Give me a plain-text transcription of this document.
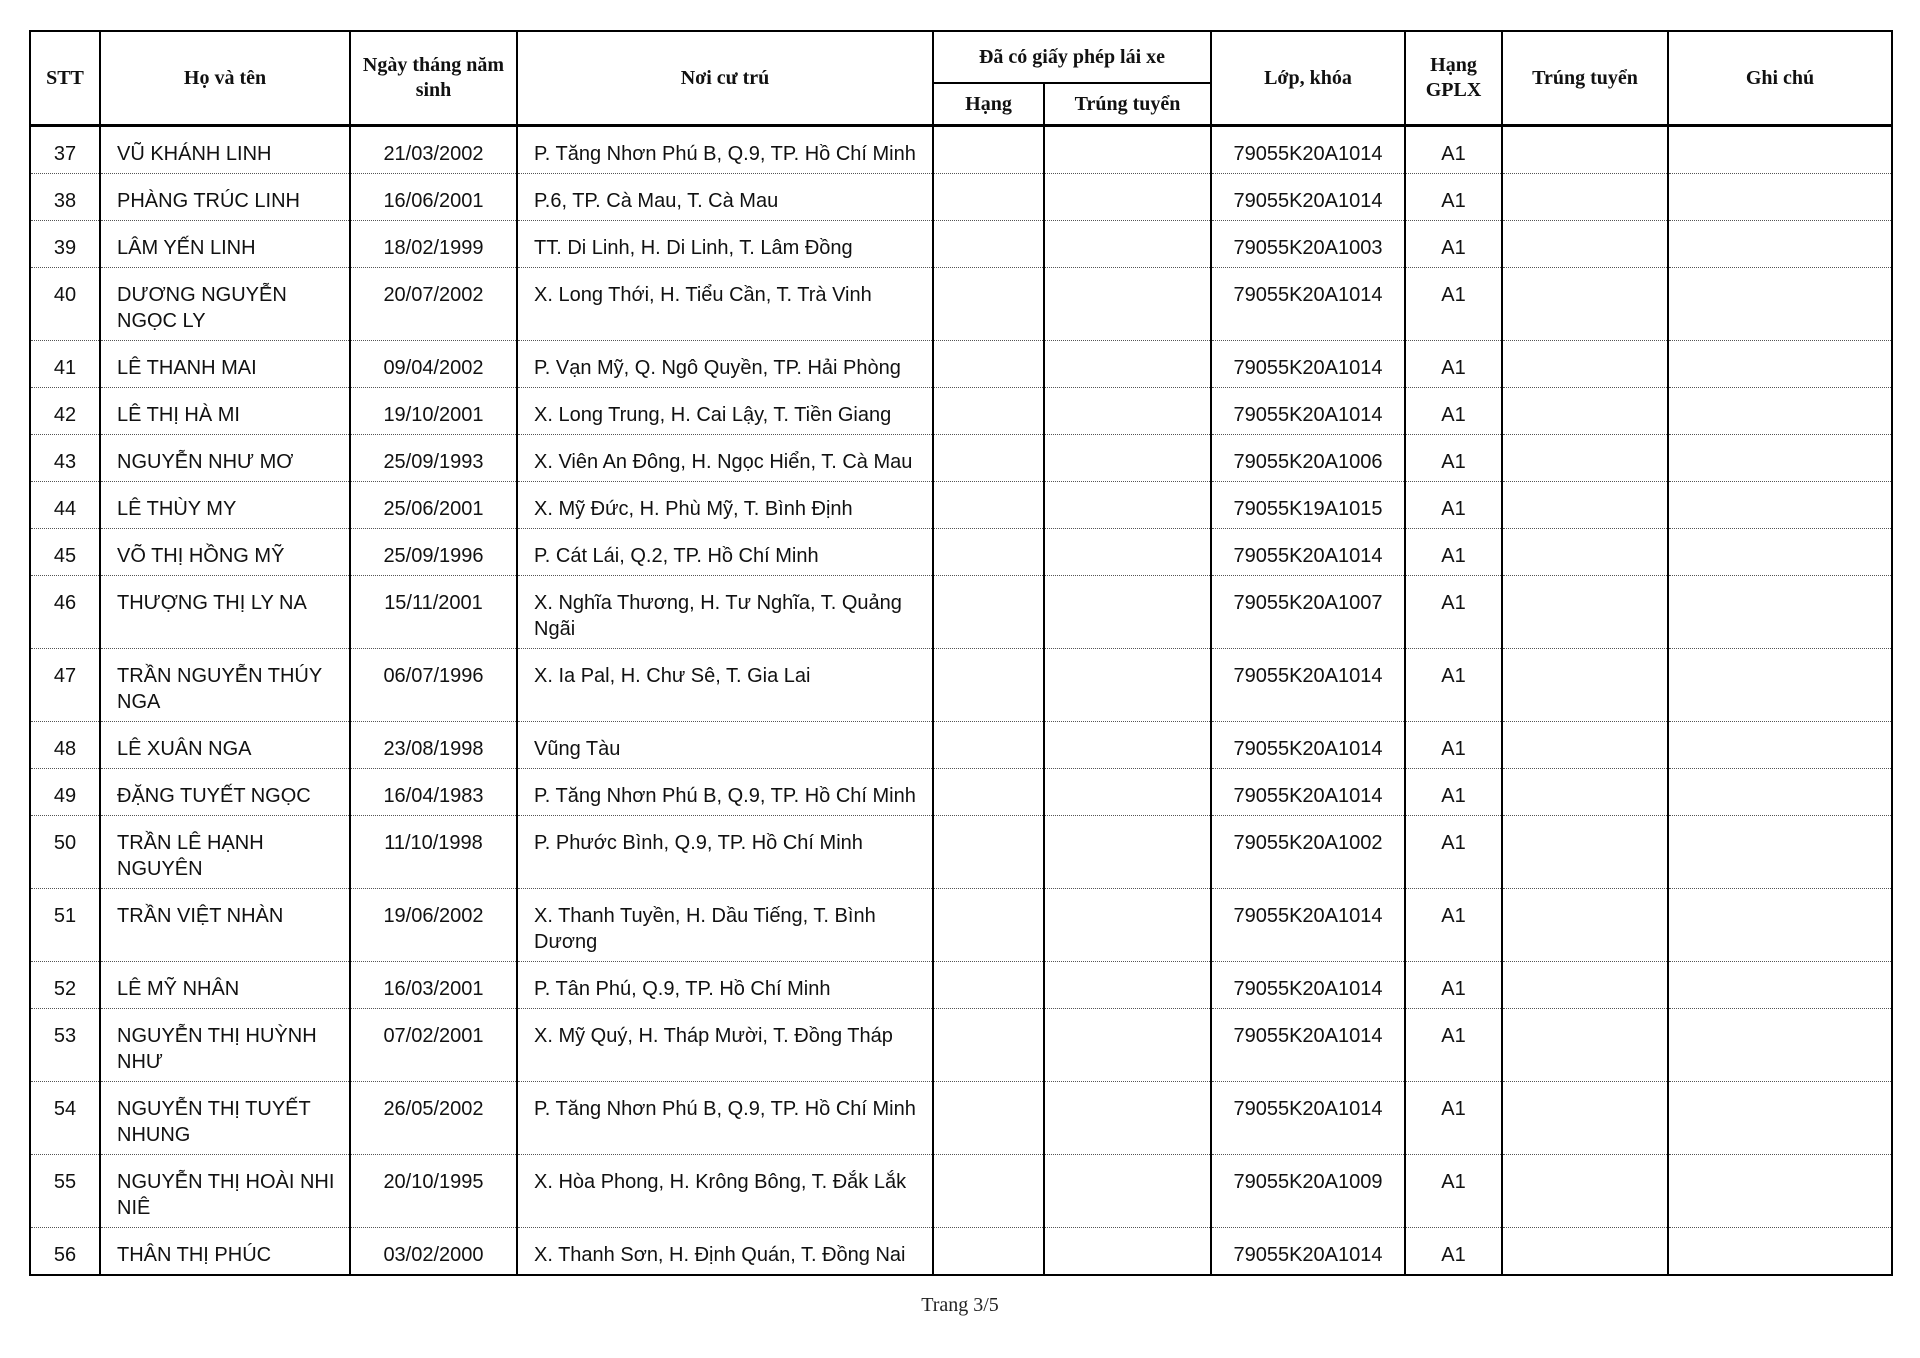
STT	Họ và tên	Ngày tháng năm sinh	Nơi cư trú	Đã có giấy phép lái xe		Lớp, khóa	Hạng GPLX	Trúng tuyển	Ghi chú
				Hạng	Trúng tuyển				
37	VŨ KHÁNH LINH	21/03/2002	P. Tăng Nhơn Phú B, Q.9, TP. Hồ Chí Minh			79055K20A1014	A1		
38	PHÀNG TRÚC LINH	16/06/2001	P.6, TP. Cà Mau, T. Cà Mau			79055K20A1014	A1		
39	LÂM YẾN LINH	18/02/1999	TT. Di Linh, H. Di Linh, T. Lâm Đồng			79055K20A1003	A1		
40	DƯƠNG NGUYỄN NGỌC LY	20/07/2002	X. Long Thới, H. Tiểu Cần, T. Trà Vinh			79055K20A1014	A1		
41	LÊ THANH MAI	09/04/2002	P. Vạn Mỹ, Q. Ngô Quyền, TP. Hải Phòng			79055K20A1014	A1		
42	LÊ THỊ HÀ MI	19/10/2001	X. Long Trung, H. Cai Lậy, T. Tiền Giang			79055K20A1014	A1		
43	NGUYỄN NHƯ MƠ	25/09/1993	X. Viên An Đông, H. Ngọc Hiển, T. Cà Mau			79055K20A1006	A1		
44	LÊ THÙY MY	25/06/2001	X. Mỹ Đức, H. Phù Mỹ, T. Bình Định			79055K19A1015	A1		
45	VÕ THỊ HỒNG MỸ	25/09/1996	P. Cát Lái, Q.2, TP. Hồ Chí Minh			79055K20A1014	A1		
46	THƯỢNG THỊ LY NA	15/11/2001	X. Nghĩa Thương, H. Tư Nghĩa, T. Quảng Ngãi			79055K20A1007	A1		
47	TRẦN NGUYỄN THÚY NGA	06/07/1996	X. Ia Pal, H. Chư Sê, T. Gia Lai			79055K20A1014	A1		
48	LÊ XUÂN NGA	23/08/1998	Vũng Tàu			79055K20A1014	A1		
49	ĐẶNG TUYẾT NGỌC	16/04/1983	P. Tăng Nhơn Phú B, Q.9, TP. Hồ Chí Minh			79055K20A1014	A1		
50	TRẦN LÊ HẠNH NGUYÊN	11/10/1998	P. Phước Bình, Q.9, TP. Hồ Chí Minh			79055K20A1002	A1		
51	TRẦN VIỆT NHÀN	19/06/2002	X. Thanh Tuyền, H. Dầu Tiếng, T. Bình Dương			79055K20A1014	A1		
52	LÊ MỸ NHÂN	16/03/2001	P. Tân Phú, Q.9, TP. Hồ Chí Minh			79055K20A1014	A1		
53	NGUYỄN THỊ HUỲNH NHƯ	07/02/2001	X. Mỹ Quý, H. Tháp Mười, T. Đồng Tháp			79055K20A1014	A1		
54	NGUYỄN THỊ TUYẾT NHUNG	26/05/2002	P. Tăng Nhơn Phú B, Q.9, TP. Hồ Chí Minh			79055K20A1014	A1		
55	NGUYỄN THỊ HOÀI NHI NIÊ	20/10/1995	X. Hòa Phong, H. Krông Bông, T. Đắk Lắk			79055K20A1009	A1		
56	THÂN THỊ PHÚC	03/02/2000	X. Thanh Sơn, H. Định Quán, T. Đồng Nai			79055K20A1014	A1		
Trang 3/5
